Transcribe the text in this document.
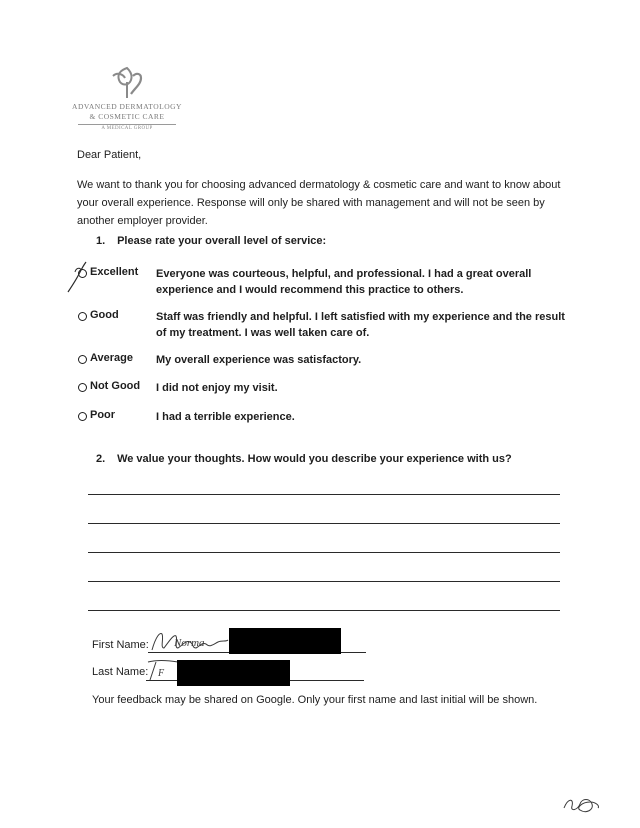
ADVANCED DERMATOLOGY
& COSMETIC CARE
A MEDICAL GROUP
Dear Patient,
We want to thank you for choosing advanced dermatology & cosmetic care and want to know about your overall experience. Response will only be shared with management and will not be seen by another employer provider.
1. Please rate your overall level of service:
Excellent	Everyone was courteous, helpful, and professional. I had a great overall experience and I would recommend this practice to others.
Good	Staff was friendly and helpful. I left satisfied with my experience and the result of my treatment. I was well taken care of.
Average	My overall experience was satisfactory.
Not Good	I did not enjoy my visit.
Poor	I had a terrible experience.
2. We value your thoughts. How would you describe your experience with us?
First Name: Norma
Last Name: F
Your feedback may be shared on Google. Only your first name and last initial will be shown.
